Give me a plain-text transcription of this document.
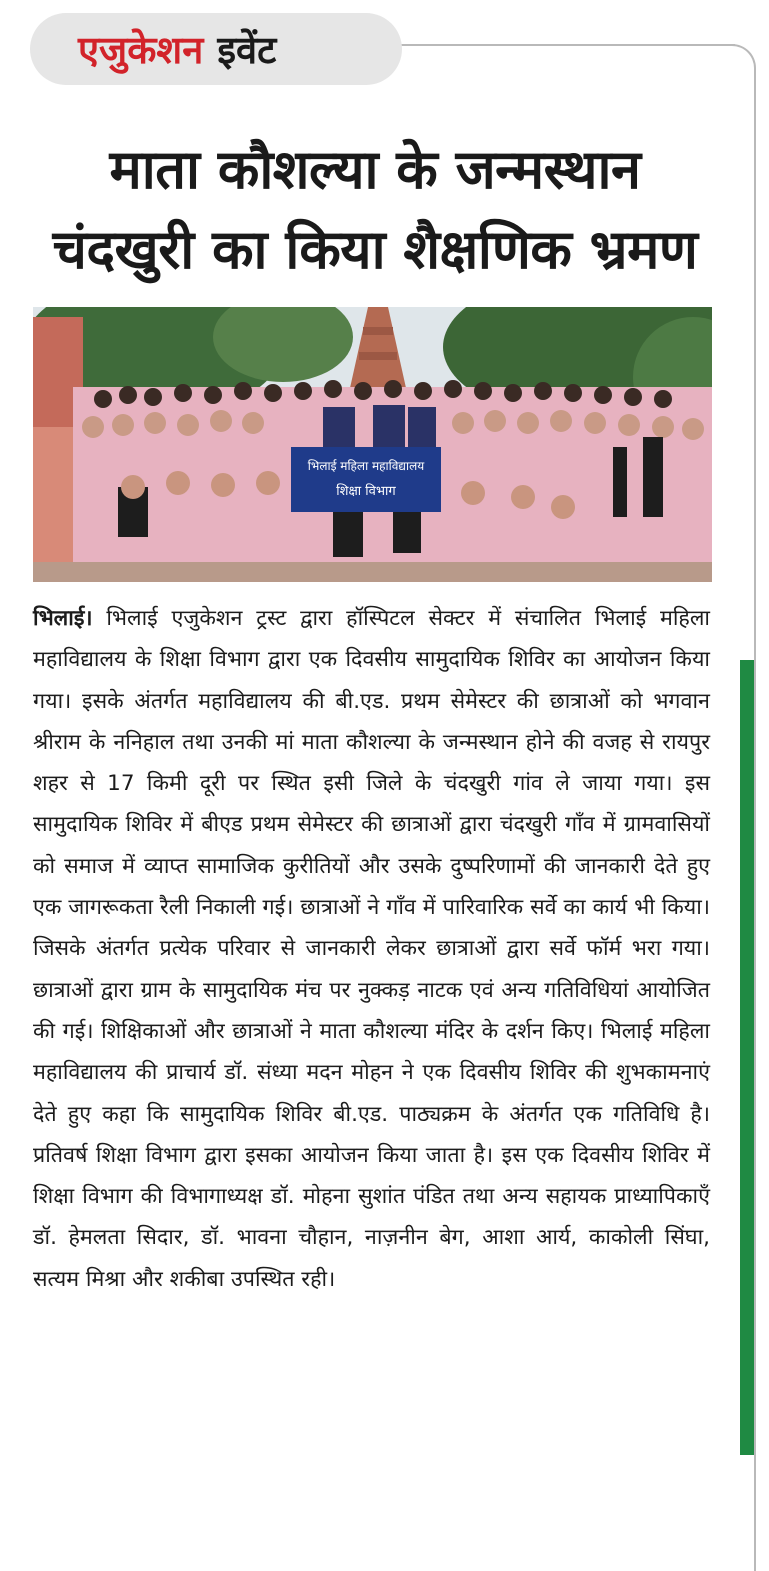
एजुकेशन इवेंट
माता कौशल्या के जन्मस्थान
चंदखुरी का किया शैक्षणिक भ्रमण
भिलाई महिला महाविद्यालय
शिक्षा विभाग

भिलाई। भिलाई एजुकेशन ट्रस्ट द्वारा हॉस्पिटल सेक्टर में संचालित भिलाई महिला महाविद्यालय के शिक्षा विभाग द्वारा एक दिवसीय सामुदायिक शिविर का आयोजन किया गया। इसके अंतर्गत महाविद्यालय की बी.एड. प्रथम सेमेस्टर की छात्राओं को भगवान श्रीराम के ननिहाल तथा उनकी मां माता कौशल्या के जन्मस्थान होने की वजह से रायपुर शहर से 17 किमी दूरी पर स्थित इसी जिले के चंदखुरी गांव ले जाया गया। इस सामुदायिक शिविर में बीएड प्रथम सेमेस्टर की छात्राओं द्वारा चंदखुरी गाँव में ग्रामवासियों को समाज में व्याप्त सामाजिक कुरीतियों और उसके दुष्परिणामों की जानकारी देते हुए एक जागरूकता रैली निकाली गई। छात्राओं ने गाँव में पारिवारिक सर्वे का कार्य भी किया। जिसके अंतर्गत प्रत्येक परिवार से जानकारी लेकर छात्राओं द्वारा सर्वे फॉर्म भरा गया। छात्राओं द्वारा ग्राम के सामुदायिक मंच पर नुक्कड़ नाटक एवं अन्य गतिविधियां आयोजित की गई। शिक्षिकाओं और छात्राओं ने माता कौशल्या मंदिर के दर्शन किए। भिलाई महिला महाविद्यालय की प्राचार्य डॉ. संध्या मदन मोहन ने एक दिवसीय शिविर की शुभकामनाएं देते हुए कहा कि सामुदायिक शिविर बी.एड. पाठ्यक्रम के अंतर्गत एक गतिविधि है। प्रतिवर्ष शिक्षा विभाग द्वारा इसका आयोजन किया जाता है। इस एक दिवसीय शिविर में शिक्षा विभाग की विभागाध्यक्ष डॉ. मोहना सुशांत पंडित तथा अन्य सहायक प्राध्यापिकाएँ डॉ. हेमलता सिदार, डॉ. भावना चौहान, नाज़नीन बेग, आशा आर्य, काकोली सिंघा, सत्यम मिश्रा और शकीबा उपस्थित रही।
